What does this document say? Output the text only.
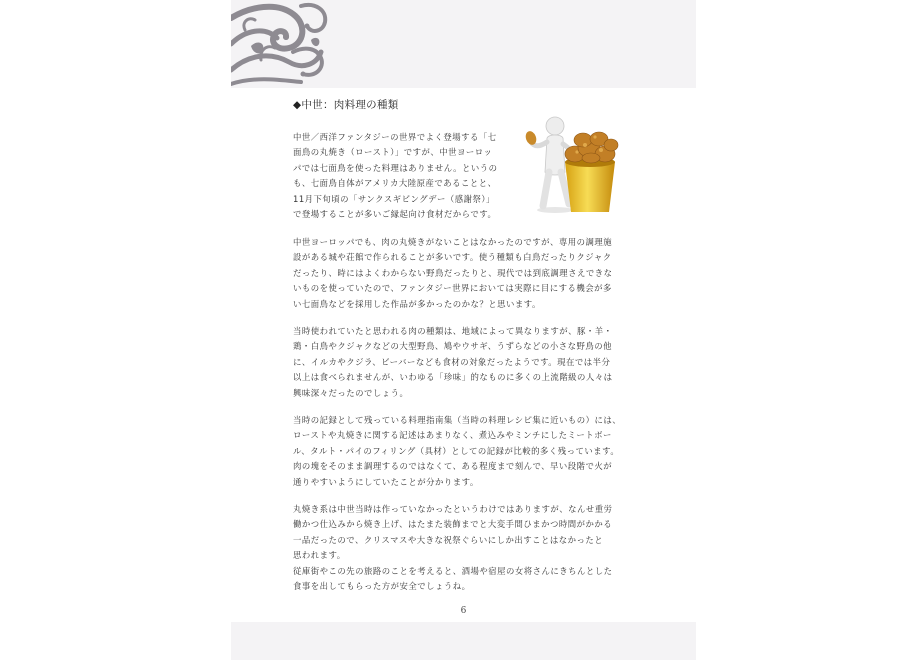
◆中世：肉料理の種類

中世／西洋ファンタジーの世界でよく登場する「七
面鳥の丸焼き（ロースト）」ですが、中世ヨーロッ
パでは七面鳥を使った料理はありません。というの
も、七面鳥自体がアメリカ大陸原産であることと、
11月下旬頃の「サンクスギビングデー（感謝祭）」
で登場することが多いご縁起向け食材だからです。

中世ヨーロッパでも、肉の丸焼きがないことはなかったのですが、専用の調理施
設がある城や荘館で作られることが多いです。使う種類も白鳥だったりクジャク
だったり、時にはよくわからない野鳥だったりと、現代では到底調理さえできな
いものを使っていたので、ファンタジー世界においては実際に目にする機会が多
い七面鳥などを採用した作品が多かったのかな？と思います。

当時使われていたと思われる肉の種類は、地域によって異なりますが、豚・羊・
鶏・白鳥やクジャクなどの大型野鳥、鳩やウサギ、うずらなどの小さな野鳥の他
に、イルカやクジラ、ビーバーなども食材の対象だったようです。現在では半分
以上は食べられませんが、いわゆる「珍味」的なものに多くの上流階級の人々は
興味深々だったのでしょう。

当時の記録として残っている料理指南集（当時の料理レシピ集に近いもの）には、
ローストや丸焼きに関する記述はあまりなく、煮込みやミンチにしたミートボー
ル、タルト・パイのフィリング（具材）としての記録が比較的多く残っています。
肉の塊をそのまま調理するのではなくて、ある程度まで刻んで、早い段階で火が
通りやすいようにしていたことが分かります。

丸焼き系は中世当時は作っていなかったというわけではありますが、なんせ重労
働かつ仕込みから焼き上げ、はたまた装飾までと大変手間ひまかつ時間がかかる
一品だったので、クリスマスや大きな祝祭ぐらいにしか出すことはなかったと
思われます。
従庫街やこの先の旅路のことを考えると、酒場や宿屋の女将さんにきちんとした
食事を出してもらった方が安全でしょうね。

6
